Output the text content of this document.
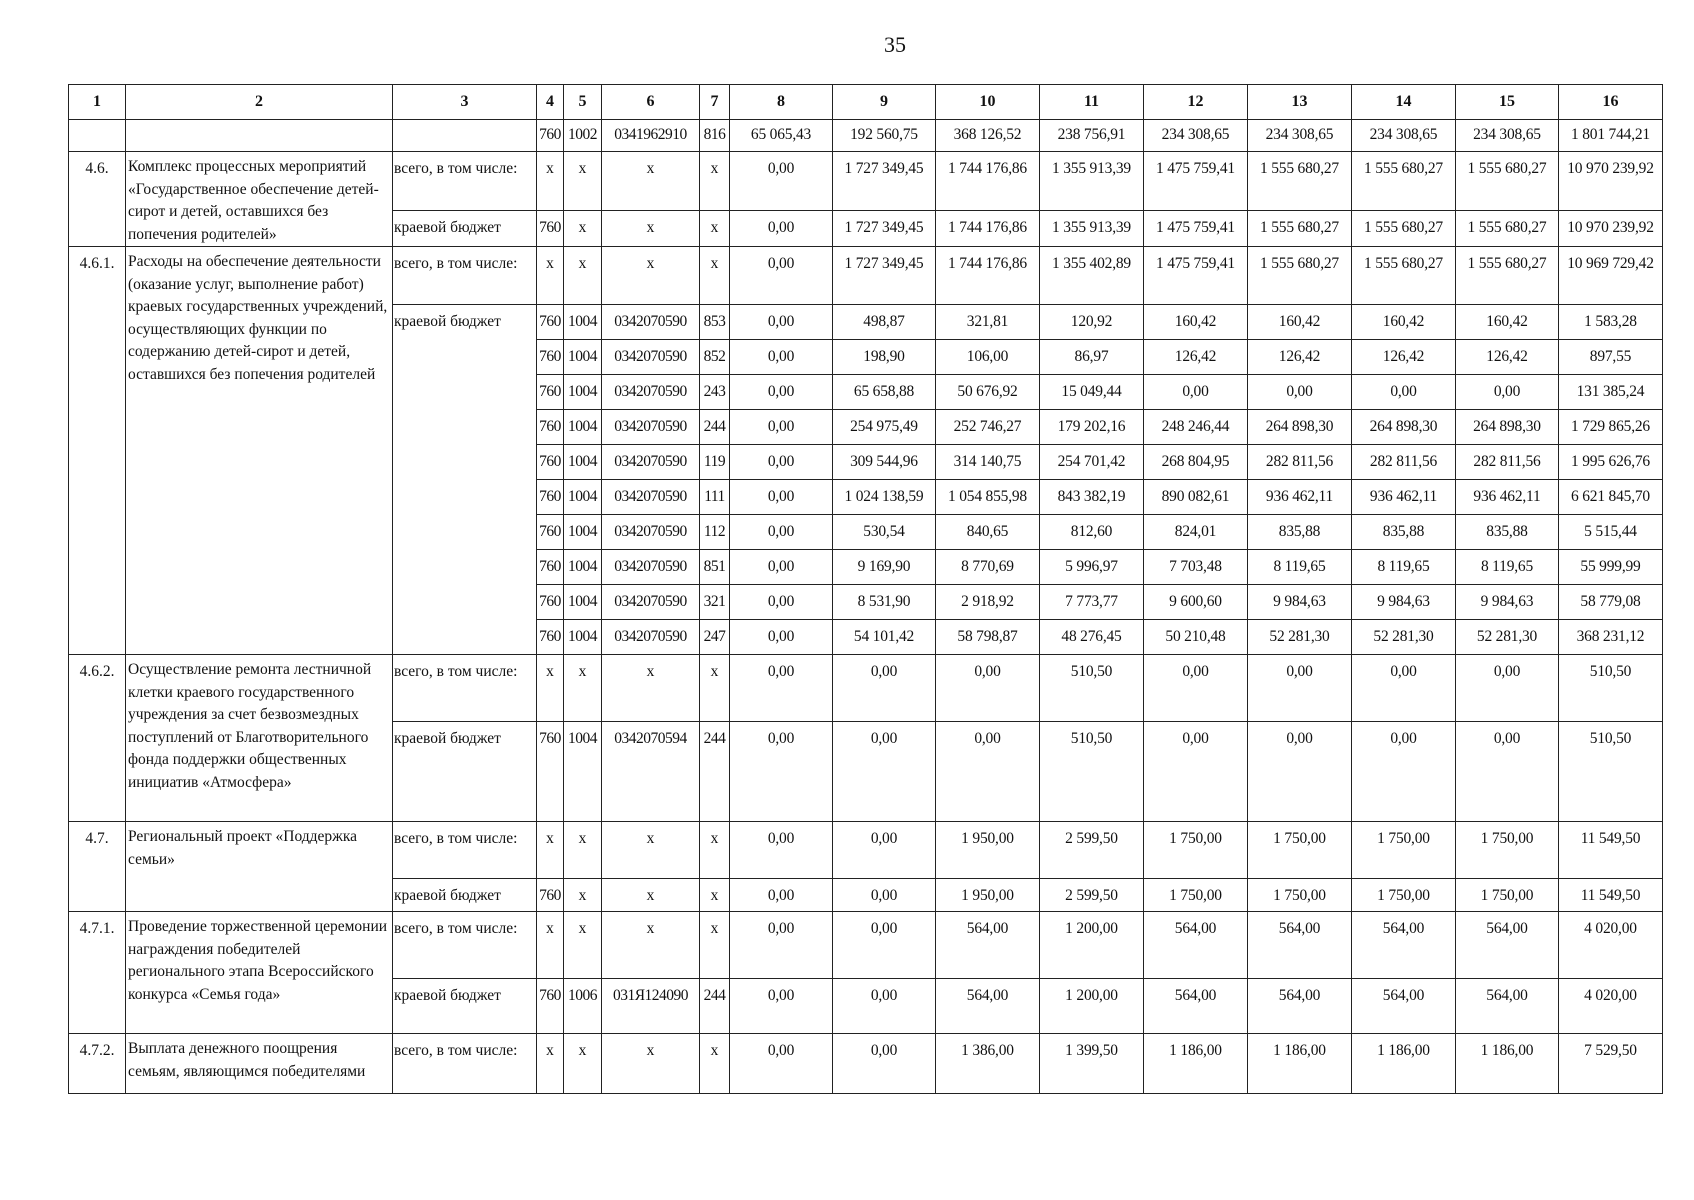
35
1	2	3	4	5	6	7	8	9	10	11	12	13	14	15	16
			760	1002	0341962910	816	65 065,43	192 560,75	368 126,52	238 756,91	234 308,65	234 308,65	234 308,65	234 308,65	1 801 744,21
4.6.	Комплекс процессных мероприятий «Государственное обеспечение детей-сирот и детей, оставшихся без попечения родителей»	всего, в том числе:	x	x	x	x	0,00	1 727 349,45	1 744 176,86	1 355 913,39	1 475 759,41	1 555 680,27	1 555 680,27	1 555 680,27	10 970 239,92
		краевой бюджет	760	x	x	x	0,00	1 727 349,45	1 744 176,86	1 355 913,39	1 475 759,41	1 555 680,27	1 555 680,27	1 555 680,27	10 970 239,92
4.6.1.	Расходы на обеспечение деятельности (оказание услуг, выполнение работ) краевых государственных учреждений, осуществляющих функции по содержанию детей-сирот и детей, оставшихся без попечения родителей	всего, в том числе:	x	x	x	x	0,00	1 727 349,45	1 744 176,86	1 355 402,89	1 475 759,41	1 555 680,27	1 555 680,27	1 555 680,27	10 969 729,42
		краевой бюджет	760	1004	0342070590	853	0,00	498,87	321,81	120,92	160,42	160,42	160,42	160,42	1 583,28
			760	1004	0342070590	852	0,00	198,90	106,00	86,97	126,42	126,42	126,42	126,42	897,55
			760	1004	0342070590	243	0,00	65 658,88	50 676,92	15 049,44	0,00	0,00	0,00	0,00	131 385,24
			760	1004	0342070590	244	0,00	254 975,49	252 746,27	179 202,16	248 246,44	264 898,30	264 898,30	264 898,30	1 729 865,26
			760	1004	0342070590	119	0,00	309 544,96	314 140,75	254 701,42	268 804,95	282 811,56	282 811,56	282 811,56	1 995 626,76
			760	1004	0342070590	111	0,00	1 024 138,59	1 054 855,98	843 382,19	890 082,61	936 462,11	936 462,11	936 462,11	6 621 845,70
			760	1004	0342070590	112	0,00	530,54	840,65	812,60	824,01	835,88	835,88	835,88	5 515,44
			760	1004	0342070590	851	0,00	9 169,90	8 770,69	5 996,97	7 703,48	8 119,65	8 119,65	8 119,65	55 999,99
			760	1004	0342070590	321	0,00	8 531,90	2 918,92	7 773,77	9 600,60	9 984,63	9 984,63	9 984,63	58 779,08
			760	1004	0342070590	247	0,00	54 101,42	58 798,87	48 276,45	50 210,48	52 281,30	52 281,30	52 281,30	368 231,12
4.6.2.	Осуществление ремонта лестничной клетки краевого государственного учреждения за счет безвозмездных поступлений от Благотворительного фонда поддержки общественных инициатив «Атмосфера»	всего, в том числе:	x	x	x	x	0,00	0,00	0,00	510,50	0,00	0,00	0,00	0,00	510,50
		краевой бюджет	760	1004	0342070594	244	0,00	0,00	0,00	510,50	0,00	0,00	0,00	0,00	510,50
4.7.	Региональный проект «Поддержка семьи»	всего, в том числе:	x	x	x	x	0,00	0,00	1 950,00	2 599,50	1 750,00	1 750,00	1 750,00	1 750,00	11 549,50
		краевой бюджет	760	x	x	x	0,00	0,00	1 950,00	2 599,50	1 750,00	1 750,00	1 750,00	1 750,00	11 549,50
4.7.1.	Проведение торжественной церемонии награждения победителей регионального этапа Всероссийского конкурса «Семья года»	всего, в том числе:	x	x	x	x	0,00	0,00	564,00	1 200,00	564,00	564,00	564,00	564,00	4 020,00
		краевой бюджет	760	1006	031Я124090	244	0,00	0,00	564,00	1 200,00	564,00	564,00	564,00	564,00	4 020,00
4.7.2.	Выплата денежного поощрения семьям, являющимся победителями	всего, в том числе:	x	x	x	x	0,00	0,00	1 386,00	1 399,50	1 186,00	1 186,00	1 186,00	1 186,00	7 529,50
